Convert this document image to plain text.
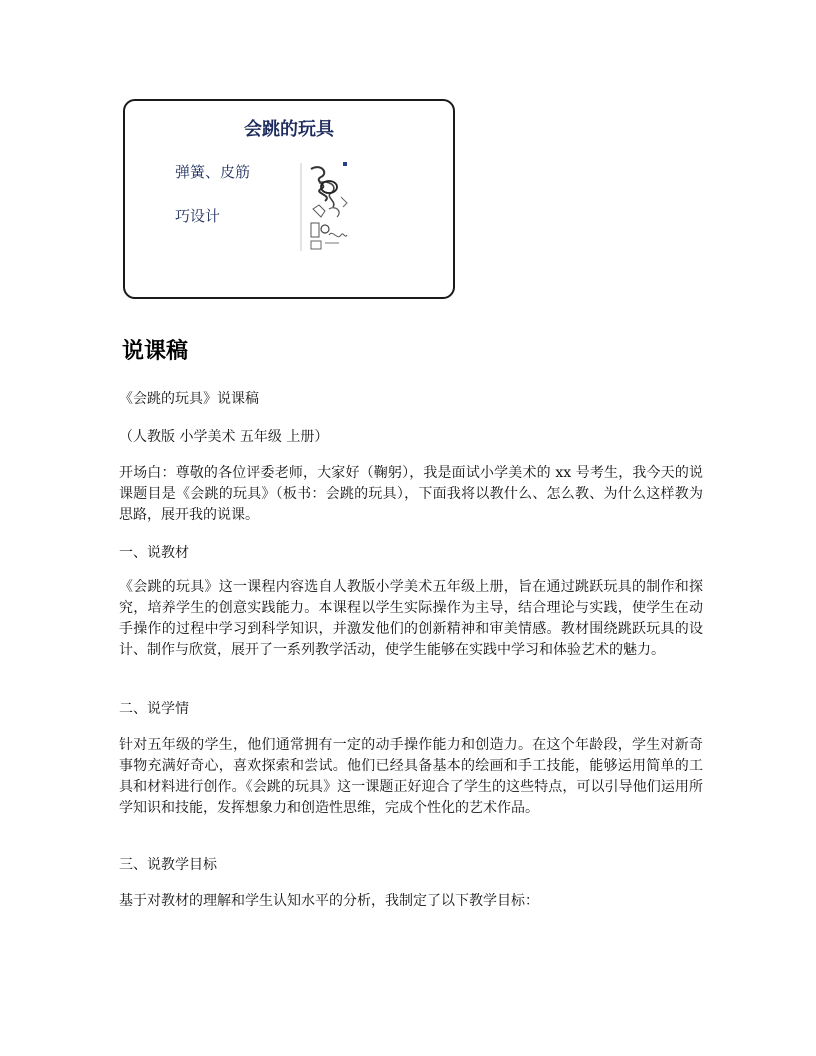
会跳的玩具
弹簧、皮筋
巧设计
说课稿

《会跳的玩具》说课稿

（人教版 小学美术 五年级 上册）

开场白：尊敬的各位评委老师，大家好（鞠躬），我是面试小学美术的 xx 号考生，我今天的说课题目是《会跳的玩具》（板书：会跳的玩具），下面我将以教什么、怎么教、为什么这样教为思路，展开我的说课。

一、说教材

《会跳的玩具》这一课程内容选自人教版小学美术五年级上册，旨在通过跳跃玩具的制作和探究，培养学生的创意实践能力。本课程以学生实际操作为主导，结合理论与实践，使学生在动手操作的过程中学习到科学知识，并激发他们的创新精神和审美情感。教材围绕跳跃玩具的设计、制作与欣赏，展开了一系列教学活动，使学生能够在实践中学习和体验艺术的魅力。

二、说学情

针对五年级的学生，他们通常拥有一定的动手操作能力和创造力。在这个年龄段，学生对新奇事物充满好奇心，喜欢探索和尝试。他们已经具备基本的绘画和手工技能，能够运用简单的工具和材料进行创作。《会跳的玩具》这一课题正好迎合了学生的这些特点，可以引导他们运用所学知识和技能，发挥想象力和创造性思维，完成个性化的艺术作品。

三、说教学目标

基于对教材的理解和学生认知水平的分析，我制定了以下教学目标：
